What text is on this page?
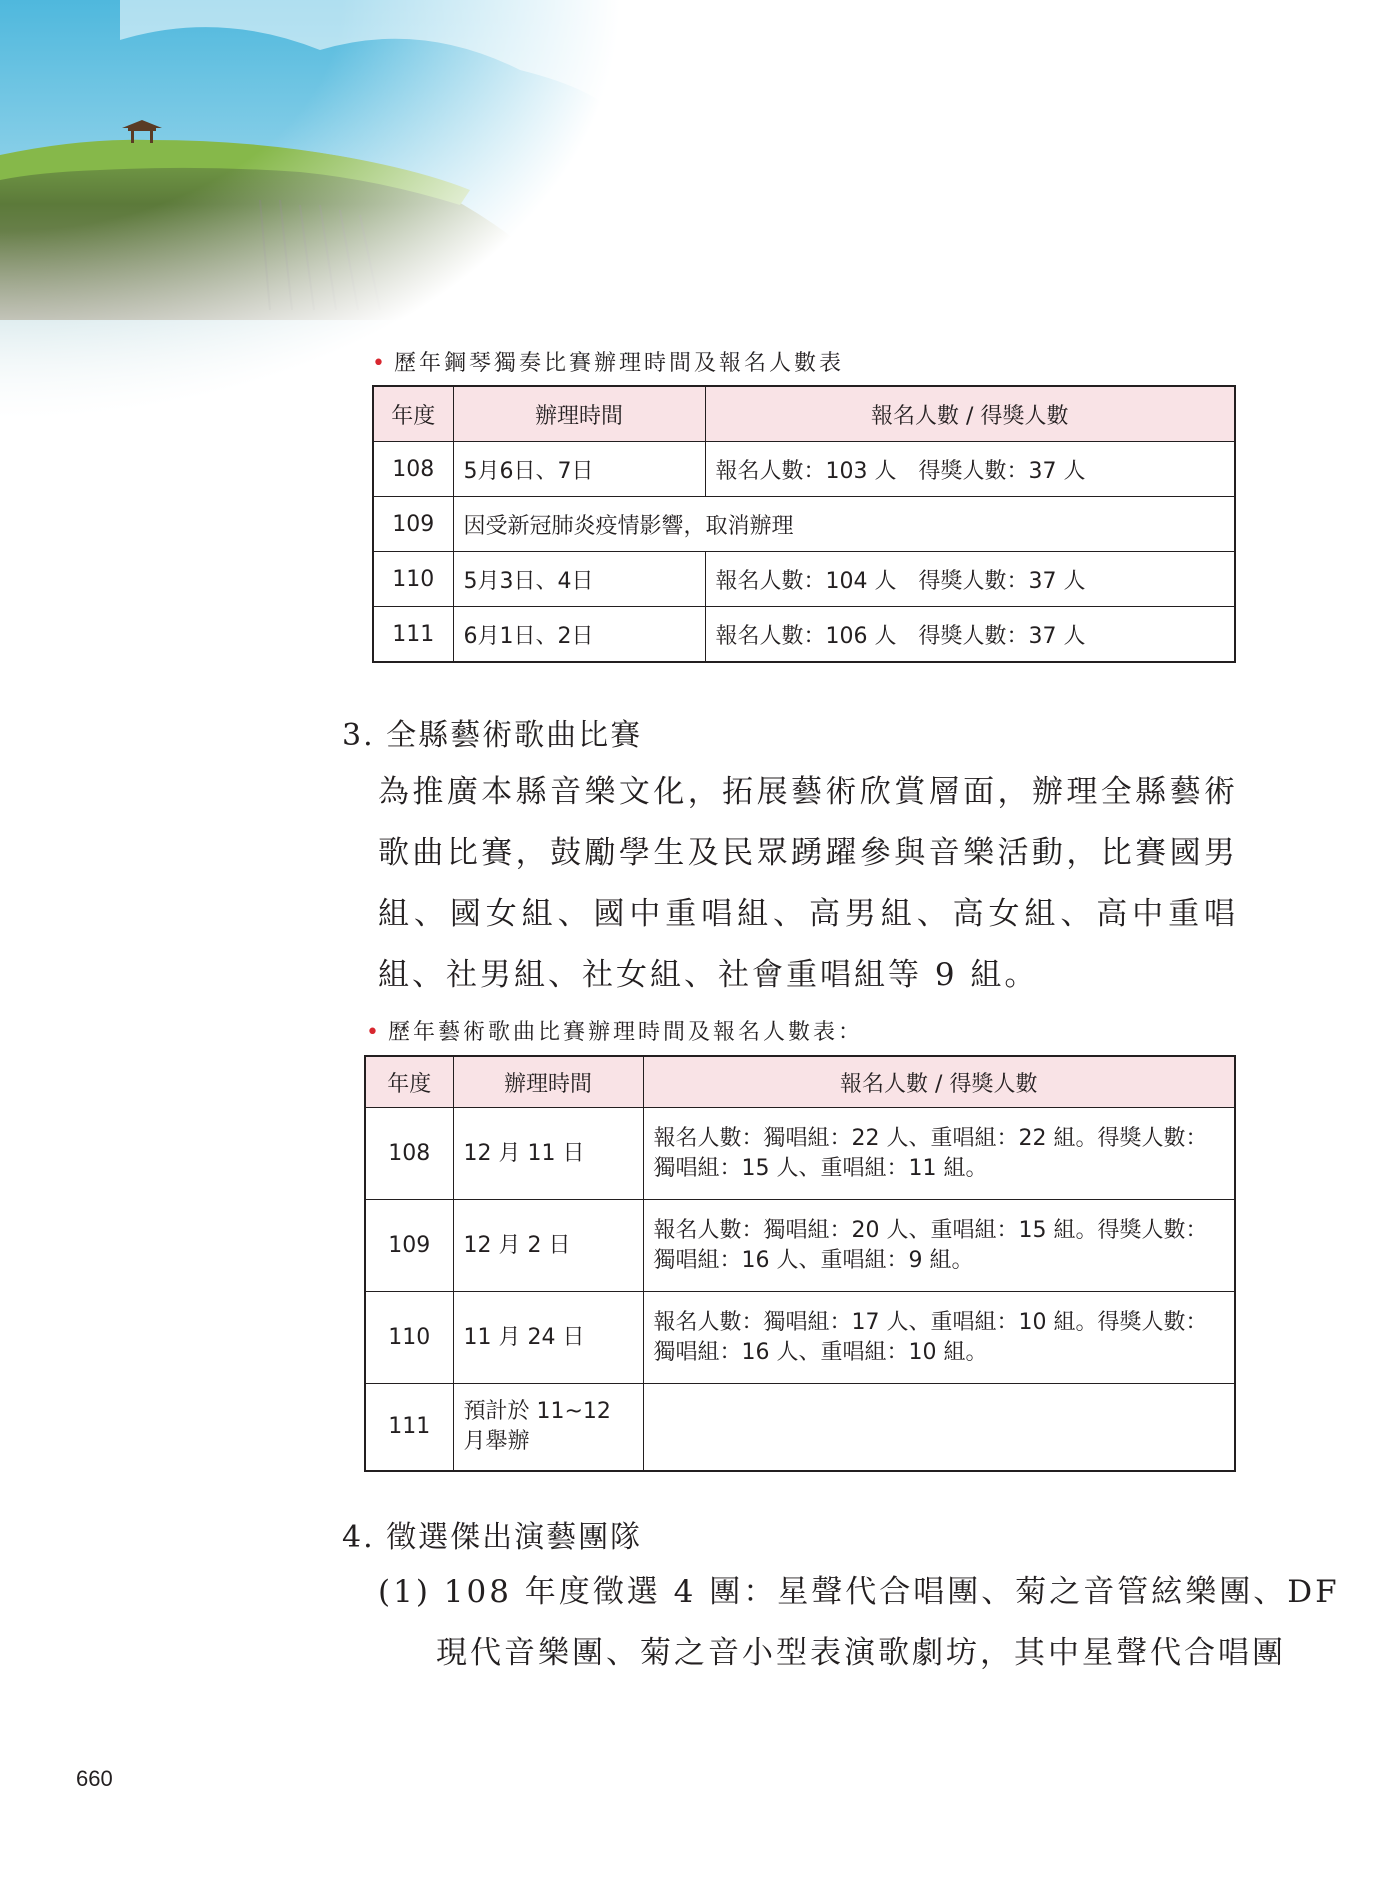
• 歷年鋼琴獨奏比賽辦理時間及報名人數表
年度	辦理時間	報名人數 / 得獎人數
108	5月6日、7日	報名人數：103 人　得獎人數：37 人
109	因受新冠肺炎疫情影響，取消辦理	
110	5月3日、4日	報名人數：104 人　得獎人數：37 人
111	6月1日、2日	報名人數：106 人　得獎人數：37 人
3. 全縣藝術歌曲比賽
為推廣本縣音樂文化，拓展藝術欣賞層面，辦理全縣藝術歌曲比賽，鼓勵學生及民眾踴躍參與音樂活動，比賽國男組、國女組、國中重唱組、高男組、高女組、高中重唱組、社男組、社女組、社會重唱組等 9 組。
• 歷年藝術歌曲比賽辦理時間及報名人數表：
年度	辦理時間	報名人數 / 得獎人數
108	12 月 11 日	報名人數：獨唱組：22 人、重唱組：22 組。得獎人數：
獨唱組：15 人、重唱組：11 組。

109	12 月 2 日	報名人數：獨唱組：20 人、重唱組：15 組。得獎人數：
獨唱組：16 人、重唱組：9 組。

110	11 月 24 日	報名人數：獨唱組：17 人、重唱組：10 組。得獎人數：
獨唱組：16 人、重唱組：10 組。

111	預計於 11~12
月舉辦	

4. 徵選傑出演藝團隊
(1) 108 年度徵選 4 團：星聲代合唱團、菊之音管絃樂團、DF
現代音樂團、菊之音小型表演歌劇坊，其中星聲代合唱團
660
